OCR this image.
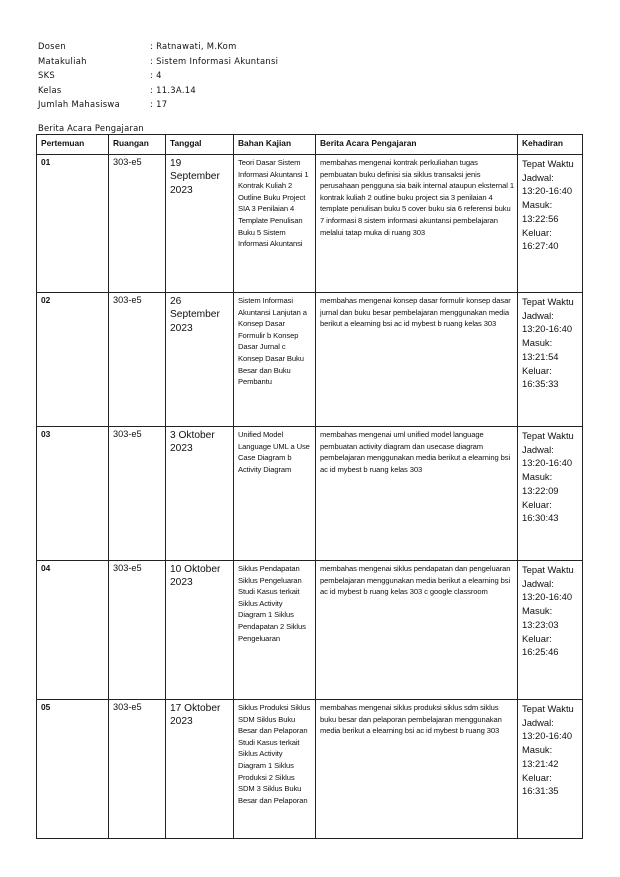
Dosen	: Ratnawati, M.Kom
Matakuliah	: Sistem Informasi Akuntansi
SKS	: 4
Kelas	: 11.3A.14
Jumlah Mahasiswa	: 17
Berita Acara Pengajaran
Pertemuan	Ruangan	Tanggal	Bahan Kajian	Berita Acara Pengajaran	Kehadiran
01	303-e5	19 September 2023	Teori Dasar Sistem Informasi Akuntansi 1 Kontrak Kuliah 2 Outline Buku Project SIA 3 Penilaian 4 Template Penulisan Buku 5 Sistem Informasi Akuntansi	membahas mengenai kontrak perkuliahan tugas pembuatan buku definisi sia siklus transaksi jenis perusahaan pengguna sia baik internal ataupun eksternal 1 kontrak kuliah 2 outline buku project sia 3 penilaian 4 template penulisan buku 5 cover buku sia 6 referensi buku 7 informasi 8 sistem informasi akuntansi pembelajaran melalui tatap muka di ruang 303	Tepat Waktu Jadwal: 13:20-16:40 Masuk: 13:22:56 Keluar: 16:27:40
02	303-e5	26 September 2023	Sistem Informasi Akuntansi Lanjutan a Konsep Dasar Formulir b Konsep Dasar Jurnal c Konsep Dasar Buku Besar dan Buku Pembantu	membahas mengenai konsep dasar formulir konsep dasar jurnal dan buku besar pembelajaran menggunakan media berikut a elearning bsi ac id mybest b ruang kelas 303	Tepat Waktu Jadwal: 13:20-16:40 Masuk: 13:21:54 Keluar: 16:35:33
03	303-e5	3 Oktober 2023	Unified Model Language UML a Use Case Diagram b Activity Diagram	membahas mengenai uml unified model language pembuatan activity diagram dan usecase diagram pembelajaran menggunakan media berikut a elearning bsi ac id mybest b ruang kelas 303	Tepat Waktu Jadwal: 13:20-16:40 Masuk: 13:22:09 Keluar: 16:30:43
04	303-e5	10 Oktober 2023	Siklus Pendapatan Siklus Pengeluaran Studi Kasus terkait Siklus Activity Diagram 1 Siklus Pendapatan 2 Siklus Pengeluaran	membahas mengenai siklus pendapatan dan pengeluaran pembelajaran menggunakan media berikut a elearning bsi ac id mybest b ruang kelas 303 c google classroom	Tepat Waktu Jadwal: 13:20-16:40 Masuk: 13:23:03 Keluar: 16:25:46
05	303-e5	17 Oktober 2023	Siklus Produksi Siklus SDM Siklus Buku Besar dan Pelaporan Studi Kasus terkait Siklus Activity Diagram 1 Siklus Produksi 2 Siklus SDM 3 Siklus Buku Besar dan Pelaporan	membahas mengenai siklus produksi siklus sdm siklus buku besar dan pelaporan pembelajaran menggunakan media berikut a elearning bsi ac id mybest b ruang 303	Tepat Waktu Jadwal: 13:20-16:40 Masuk: 13:21:42 Keluar: 16:31:35
